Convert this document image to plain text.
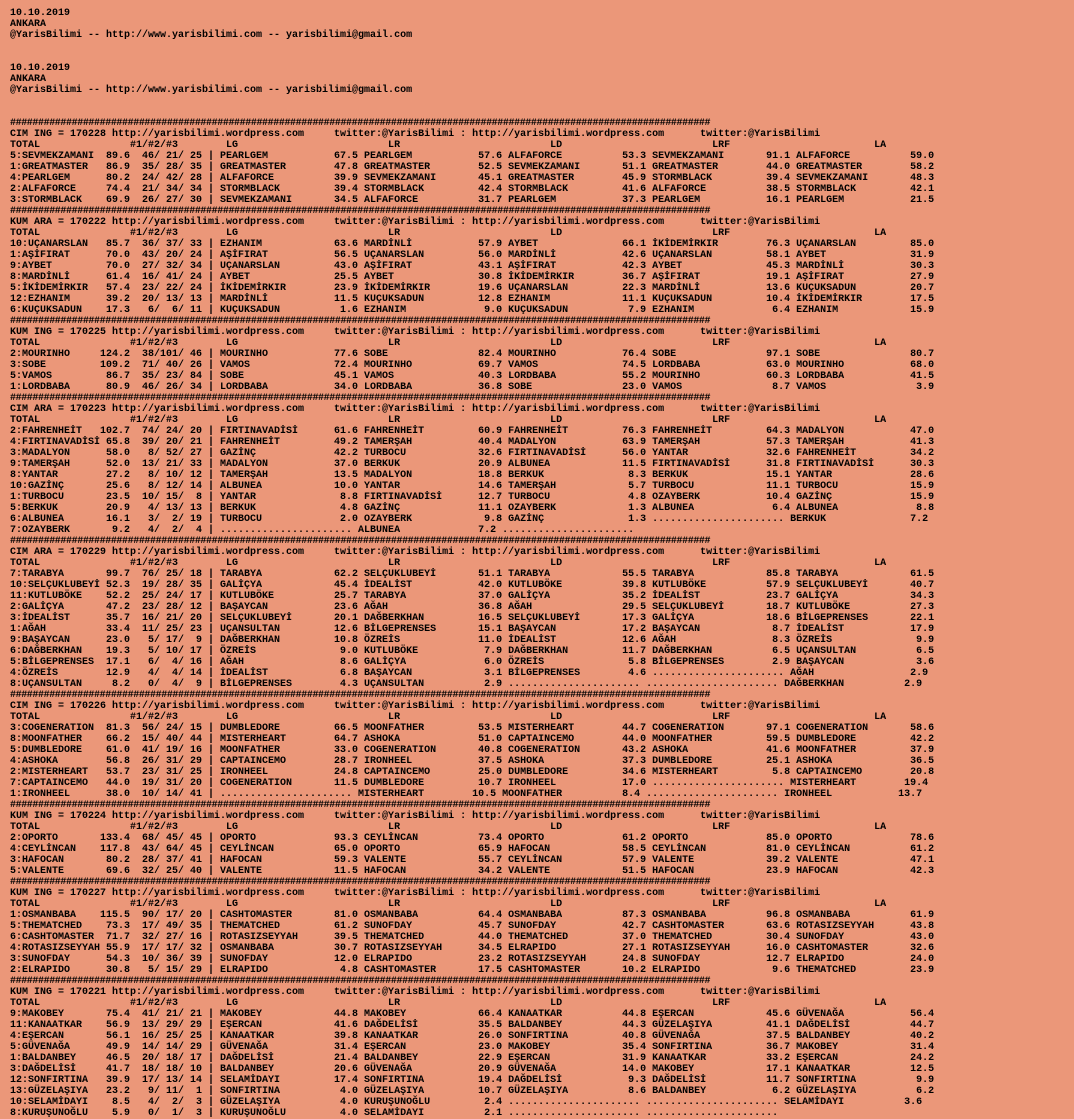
10.10.2019
ANKARA
@YarisBilimi -- http://www.yarisbilimi.com -- yarisbilimi@gmail.com
10.10.2019
ANKARA
@YarisBilimi -- http://www.yarisbilimi.com -- yarisbilimi@gmail.com
#############################################################################################################################
CIM ING = 170228 http://yarisbilimi.wordpress.com     twitter:@YarisBilimi : http://yarisbilimi.wordpress.com      twitter:@YarisBilimi
TOTAL               #1/#2/#3        LG                         LR                         LD                         LRF                        LA
5:SEVMEKZAMANI  89.6  46/ 21/ 25 | PEARLGEM           67.5 PEARLGEM           57.6 ALFAFORCE          53.3 SEVMEKZAMANI       91.1 ALFAFORCE          59.0
1:GREATMASTER   86.9  35/ 28/ 35 | GREATMASTER        47.8 GREATMASTER        52.5 SEVMEKZAMANI       51.1 GREATMASTER        44.0 GREATMASTER        58.2
4:PEARLGEM      80.2  24/ 42/ 28 | ALFAFORCE          39.9 SEVMEKZAMANI       45.1 GREATMASTER        45.9 STORMBLACK         39.4 SEVMEKZAMANI       48.3
2:ALFAFORCE     74.4  21/ 34/ 34 | STORMBLACK         39.4 STORMBLACK         42.4 STORMBLACK         41.6 ALFAFORCE          38.5 STORMBLACK         42.1
3:STORMBLACK    69.9  26/ 27/ 30 | SEVMEKZAMANI       34.5 ALFAFORCE          31.7 PEARLGEM           37.3 PEARLGEM           16.1 PEARLGEM           21.5
#############################################################################################################################
KUM ARA = 170222 http://yarisbilimi.wordpress.com     twitter:@YarisBilimi : http://yarisbilimi.wordpress.com      twitter:@YarisBilimi
TOTAL               #1/#2/#3        LG                         LR                         LD                         LRF                        LA
10:UÇANARSLAN   85.7  36/ 37/ 33 | EZHANIM            63.6 MARDİNLİ           57.9 AYBET              66.1 İKİDEMİRKIR        76.3 UÇANARSLAN         85.0
1:AŞİFIRAT      70.0  43/ 20/ 24 | AŞİFIRAT           56.5 UÇANARSLAN         56.0 MARDİNLİ           42.6 UÇANARSLAN         58.1 AYBET              31.9
9:AYBET         70.0  27/ 32/ 34 | UÇANARSLAN         43.0 AŞİFIRAT           43.1 AŞİFIRAT           42.3 AYBET              45.3 MARDİNLİ           30.3
8:MARDİNLİ      61.4  16/ 41/ 24 | AYBET              25.5 AYBET              30.8 İKİDEMİRKIR        36.7 AŞİFIRAT           19.1 AŞİFIRAT           27.9
5:İKİDEMİRKIR   57.4  23/ 22/ 24 | İKİDEMİRKIR        23.9 İKİDEMİRKIR        19.6 UÇANARSLAN         22.3 MARDİNLİ           13.6 KUÇUKSADUN         20.7
12:EZHANIM      39.2  20/ 13/ 13 | MARDİNLİ           11.5 KUÇUKSADUN         12.8 EZHANIM            11.1 KUÇUKSADUN         10.4 İKİDEMİRKIR        17.5
6:KUÇUKSADUN    17.3   6/  6/ 11 | KUÇUKSADUN          1.6 EZHANIM             9.0 KUÇUKSADUN          7.9 EZHANIM             6.4 EZHANIM            15.9
#############################################################################################################################
KUM ING = 170225 http://yarisbilimi.wordpress.com     twitter:@YarisBilimi : http://yarisbilimi.wordpress.com      twitter:@YarisBilimi
TOTAL               #1/#2/#3        LG                         LR                         LD                         LRF                        LA
2:MOURINHO     124.2  38/101/ 46 | MOURINHO           77.6 SOBE               82.4 MOURINHO           76.4 SOBE               97.1 SOBE               80.7
3:SOBE         109.2  71/ 40/ 26 | VAMOS              72.4 MOURINHO           69.7 VAMOS              74.5 LORDBABA           63.0 MOURINHO           68.0
5:VAMOS         86.7  35/ 23/ 84 | SOBE               45.1 VAMOS              40.3 LORDBABA           55.2 MOURINHO           60.3 LORDBABA           41.5
1:LORDBABA      80.9  46/ 26/ 34 | LORDBABA           34.0 LORDBABA           36.8 SOBE               23.0 VAMOS               8.7 VAMOS               3.9
#############################################################################################################################
CIM ARA = 170223 http://yarisbilimi.wordpress.com     twitter:@YarisBilimi : http://yarisbilimi.wordpress.com      twitter:@YarisBilimi
TOTAL               #1/#2/#3        LG                         LR                         LD                         LRF                        LA
2:FAHRENHEİT   102.7  74/ 24/ 20 | FIRTINAVADİSİ      61.6 FAHRENHEİT         60.9 FAHRENHEİT         76.3 FAHRENHEİT         64.3 MADALYON           47.0
4:FIRTINAVADİSİ 65.8  39/ 20/ 21 | FAHRENHEİT         49.2 TAMERŞAH           40.4 MADALYON           63.9 TAMERŞAH           57.3 TAMERŞAH           41.3
3:MADALYON      58.0   8/ 52/ 27 | GAZİNÇ             42.2 TURBOCU            32.6 FIRTINAVADİSİ      56.0 YANTAR             32.6 FAHRENHEİT         34.2
9:TAMERŞAH      52.0  13/ 21/ 33 | MADALYON           37.0 BERKUK             20.9 ALBUNEA            11.5 FIRTINAVADİSİ      31.8 FIRTINAVADİSİ      30.3
8:YANTAR        27.2   8/ 10/ 12 | TAMERŞAH           13.5 MADALYON           18.8 BERKUK              8.3 BERKUK             15.1 YANTAR             28.6
10:GAZİNÇ       25.6   8/ 12/ 14 | ALBUNEA            10.0 YANTAR             14.6 TAMERŞAH            5.7 TURBOCU            11.1 TURBOCU            15.9
1:TURBOCU       23.5  10/ 15/  8 | YANTAR              8.8 FIRTINAVADİSİ      12.7 TURBOCU             4.8 OZAYBERK           10.4 GAZİNÇ             15.9
5:BERKUK        20.9   4/ 13/ 13 | BERKUK              4.8 GAZİNÇ             11.1 OZAYBERK            1.3 ALBUNEA             6.4 ALBUNEA             8.8
6:ALBUNEA       16.1   3/  2/ 19 | TURBOCU             2.0 OZAYBERK            9.8 GAZİNÇ              1.3 ...................... BERKUK              7.2
7:OZAYBERK       9.2   4/  2/  4 | ...................... ALBUNEA             7.2 ......................
#############################################################################################################################
CIM ARA = 170229 http://yarisbilimi.wordpress.com     twitter:@YarisBilimi : http://yarisbilimi.wordpress.com      twitter:@YarisBilimi
TOTAL               #1/#2/#3        LG                         LR                         LD                         LRF                        LA
7:TARABYA       99.7  76/ 25/ 18 | TARABYA            62.2 SELÇUKLUBEYİ       51.1 TARABYA            55.5 TARABYA            85.8 TARABYA            61.5
10:SELÇUKLUBEYİ 52.3  19/ 28/ 35 | GALİÇYA            45.4 İDEALİST           42.0 KUTLUBÖKE          39.8 KUTLUBÖKE          57.9 SELÇUKLUBEYİ       40.7
11:KUTLUBÖKE    52.2  25/ 24/ 17 | KUTLUBÖKE          25.7 TARABYA            37.0 GALİÇYA            35.2 İDEALİST           23.7 GALİÇYA            34.3
2:GALİÇYA       47.2  23/ 28/ 12 | BAŞAYCAN           23.6 AĞAH               36.8 AĞAH               29.5 SELÇUKLUBEYİ       18.7 KUTLUBÖKE          27.3
3:İDEALİST      35.7  16/ 21/ 20 | SELÇUKLUBEYİ       20.1 DAĞBERKHAN         16.5 SELÇUKLUBEYİ       17.3 GALİÇYA            18.6 BİLGEPRENSES       22.1
1:AĞAH          33.4  11/ 25/ 23 | UÇANSULTAN         12.6 BİLGEPRENSES       15.1 BAŞAYCAN           17.2 BAŞAYCAN            8.7 İDEALİST           17.9
9:BAŞAYCAN      23.0   5/ 17/  9 | DAĞBERKHAN         10.8 ÖZREİS             11.0 İDEALİST           12.6 AĞAH                8.3 ÖZREİS              9.9
6:DAĞBERKHAN    19.3   5/ 10/ 17 | ÖZREİS              9.0 KUTLUBÖKE           7.9 DAĞBERKHAN         11.7 DAĞBERKHAN          6.5 UÇANSULTAN          6.5
5:BİLGEPRENSES  17.1   6/  4/ 16 | AĞAH                8.6 GALİÇYA             6.0 ÖZREİS              5.8 BİLGEPRENSES        2.9 BAŞAYCAN            3.6
4:ÖZREİS        12.9   4/  4/ 14 | İDEALİST            6.8 BAŞAYCAN            3.1 BİLGEPRENSES        4.6 ...................... AĞAH                2.9
8:UÇANSULTAN     8.2   0/  4/  9 | BİLGEPRENSES        4.3 UÇANSULTAN          2.9 ...................... ...................... DAĞBERKHAN          2.9
#############################################################################################################################
CIM ING = 170226 http://yarisbilimi.wordpress.com     twitter:@YarisBilimi : http://yarisbilimi.wordpress.com      twitter:@YarisBilimi
TOTAL               #1/#2/#3        LG                         LR                         LD                         LRF                        LA
3:COGENERATION  81.3  56/ 24/ 15 | DUMBLEDORE         66.5 MOONFATHER         53.5 MISTERHEART        44.7 COGENERATION       97.1 COGENERATION       58.6
8:MOONFATHER    66.2  15/ 40/ 44 | MISTERHEART        64.7 ASHOKA             51.0 CAPTAINCEMO        44.0 MOONFATHER         59.5 DUMBLEDORE         42.2
5:DUMBLEDORE    61.0  41/ 19/ 16 | MOONFATHER         33.0 COGENERATION       40.8 COGENERATION       43.2 ASHOKA             41.6 MOONFATHER         37.9
4:ASHOKA        56.8  26/ 31/ 29 | CAPTAINCEMO        28.7 IRONHEEL           37.5 ASHOKA             37.3 DUMBLEDORE         25.1 ASHOKA             36.5
2:MISTERHEART   53.7  23/ 31/ 25 | IRONHEEL           24.8 CAPTAINCEMO        25.0 DUMBLEDORE         34.6 MISTERHEART         5.8 CAPTAINCEMO        20.8
7:CAPTAINCEMO   44.0  19/ 31/ 20 | COGENERATION       11.5 DUMBLEDORE         10.7 IRONHEEL           17.0 ...................... MISTERHEART        19.4
1:IRONHEEL      38.0  10/ 14/ 41 | ...................... MISTERHEART        10.5 MOONFATHER          8.4 ...................... IRONHEEL           13.7
#############################################################################################################################
KUM ING = 170224 http://yarisbilimi.wordpress.com     twitter:@YarisBilimi : http://yarisbilimi.wordpress.com      twitter:@YarisBilimi
TOTAL               #1/#2/#3        LG                         LR                         LD                         LRF                        LA
2:OPORTO       133.4  68/ 45/ 45 | OPORTO             93.3 CEYLİNCAN          73.4 OPORTO             61.2 OPORTO             85.0 OPORTO             78.6
4:CEYLİNCAN    117.8  43/ 64/ 45 | CEYLİNCAN          65.0 OPORTO             65.9 HAFOCAN            58.5 CEYLİNCAN          81.0 CEYLİNCAN          61.2
3:HAFOCAN       80.2  28/ 37/ 41 | HAFOCAN            59.3 VALENTE            55.7 CEYLİNCAN          57.9 VALENTE            39.2 VALENTE            47.1
5:VALENTE       69.6  32/ 25/ 40 | VALENTE            11.5 HAFOCAN            34.2 VALENTE            51.5 HAFOCAN            23.9 HAFOCAN            42.3
#############################################################################################################################
KUM ING = 170227 http://yarisbilimi.wordpress.com     twitter:@YarisBilimi : http://yarisbilimi.wordpress.com      twitter:@YarisBilimi
TOTAL               #1/#2/#3        LG                         LR                         LD                         LRF                        LA
1:OSMANBABA    115.5  90/ 17/ 20 | CASHTOMASTER       81.0 OSMANBABA          64.4 OSMANBABA          87.3 OSMANBABA          96.8 OSMANBABA          61.9
5:THEMATCHED    73.3  17/ 49/ 35 | THEMATCHED         61.2 SUNOFDAY           45.7 SUNOFDAY           42.7 CASHTOMASTER       63.6 ROTASIZSEYYAH      43.8
6:CASHTOMASTER  71.7  32/ 27/ 16 | ROTASIZSEYYAH      39.5 THEMATCHED         44.0 THEMATCHED         37.0 THEMATCHED         30.4 SUNOFDAY           43.0
4:ROTASIZSEYYAH 55.9  17/ 17/ 32 | OSMANBABA          30.7 ROTASIZSEYYAH      34.5 ELRAPIDO           27.1 ROTASIZSEYYAH      16.0 CASHTOMASTER       32.6
3:SUNOFDAY      54.3  10/ 36/ 39 | SUNOFDAY           12.0 ELRAPIDO           23.2 ROTASIZSEYYAH      24.8 SUNOFDAY           12.7 ELRAPIDO           24.0
2:ELRAPIDO      30.8   5/ 15/ 29 | ELRAPIDO            4.8 CASHTOMASTER       17.5 CASHTOMASTER       10.2 ELRAPIDO            9.6 THEMATCHED         23.9
#############################################################################################################################
KUM ING = 170221 http://yarisbilimi.wordpress.com     twitter:@YarisBilimi : http://yarisbilimi.wordpress.com      twitter:@YarisBilimi
TOTAL               #1/#2/#3        LG                         LR                         LD                         LRF                        LA
9:MAKOBEY       75.4  41/ 21/ 21 | MAKOBEY            44.8 MAKOBEY            66.4 KANAATKAR          44.8 EŞERCAN            45.6 GÜVENAĞA           56.4
11:KANAATKAR    56.9  13/ 29/ 29 | EŞERCAN            41.6 DAĞDELİSİ          35.5 BALDANBEY          44.3 GÜZELAŞIYA         41.1 DAĞDELİSİ          44.7
4:EŞERCAN       56.1  16/ 25/ 25 | KANAATKAR          39.8 KANAATKAR          26.0 SONFIRTINA         40.8 GÜVENAĞA           37.5 BALDANBEY          40.2
5:GÜVENAĞA      49.9  14/ 14/ 29 | GÜVENAĞA           31.4 EŞERCAN            23.0 MAKOBEY            35.4 SONFIRTINA         36.7 MAKOBEY            31.4
1:BALDANBEY     46.5  20/ 18/ 17 | DAĞDELİSİ          21.4 BALDANBEY          22.9 EŞERCAN            31.9 KANAATKAR          33.2 EŞERCAN            24.2
3:DAĞDELİSİ     41.7  18/ 18/ 10 | BALDANBEY          20.6 GÜVENAĞA           20.9 GÜVENAĞA           14.0 MAKOBEY            17.1 KANAATKAR          12.5
12:SONFIRTINA   39.9  17/ 13/ 14 | SELAMİDAYI         17.4 SONFIRTINA         19.4 DAĞDELİSİ           9.3 DAĞDELİSİ          11.7 SONFIRTINA          9.9
13:GÜZELAŞIYA   23.2   9/ 11/  1 | SONFIRTINA          4.0 GÜZELAŞIYA         10.7 GÜZELAŞIYA          8.6 BALDANBEY           6.2 GÜZELAŞIYA          6.2
10:SELAMİDAYI    8.5   4/  2/  3 | GÜZELAŞIYA          4.0 KURUŞUNOĞLU         2.4 ...................... ...................... SELAMİDAYI          3.6
8:KURUŞUNOĞLU    5.9   0/  1/  3 | KURUŞUNOĞLU         4.0 SELAMİDAYI          2.1 ...................... ......................
